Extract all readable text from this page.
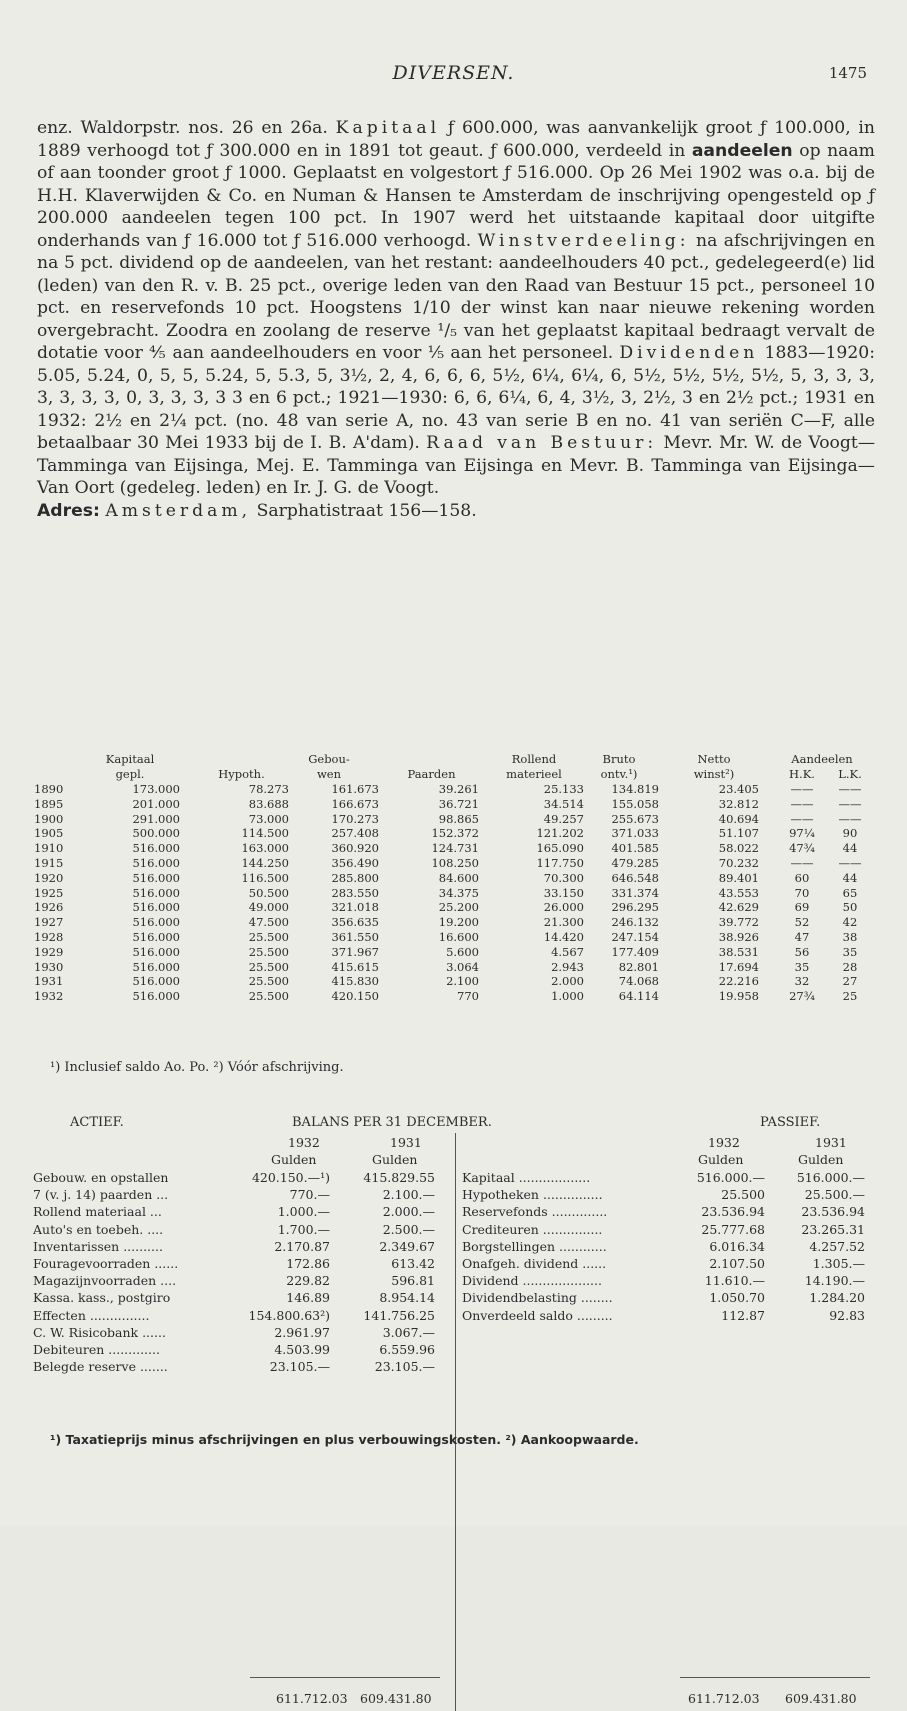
DIVERSEN.	1475

enz. Waldorpstr. nos. 26 en 26a. Kapitaal ƒ 600.000, was aanvankelijk groot ƒ 100.000, in 1889 verhoogd tot ƒ 300.000 en in 1891 tot geaut. ƒ 600.000, verdeeld in aandeelen op naam of aan toonder groot ƒ 1000. Geplaatst en volgestort ƒ 516.000. Op 26 Mei 1902 was o.a. bij de H.H. Klaverwijden & Co. en Numan & Hansen te Amsterdam de inschrijving opengesteld op ƒ 200.000 aandeelen tegen 100 pct. In 1907 werd het uitstaande kapitaal door uitgifte onderhands van ƒ 16.000 tot ƒ 516.000 verhoogd. Winstverdeeling: na afschrijvingen en na 5 pct. dividend op de aandeelen, van het restant: aandeelhouders 40 pct., gedelegeerd(e) lid (leden) van den R. v. B. 25 pct., overige leden van den Raad van Bestuur 15 pct., personeel 10 pct. en reservefonds 10 pct. Hoogstens 1/10 der winst kan naar nieuwe rekening worden overgebracht. Zoodra en zoolang de reserve ¹/₅ van het geplaatst kapitaal bedraagt vervalt de dotatie voor ⅘ aan aandeelhouders en voor ⅕ aan het personeel. Dividenden 1883—1920: 5.05, 5.24, 0, 5, 5, 5.24, 5, 5.3, 5, 3½, 2, 4, 6, 6, 6, 5½, 6¼, 6¼, 6, 5½, 5½, 5½, 5½, 5, 3, 3, 3, 3, 3, 3, 3, 0, 3, 3, 3, 3 3 en 6 pct.; 1921—1930: 6, 6, 6¼, 6, 4, 3½, 3, 2½, 3 en 2½ pct.; 1931 en 1932: 2½ en 2¼ pct. (no. 48 van serie A, no. 43 van serie B en no. 41 van seriën C—F, alle betaalbaar 30 Mei 1933 bij de I. B. A'dam). Raad van Bestuur: Mevr. Mr. W. de Voogt—Tamminga van Eijsinga, Mej. E. Tamminga van Eijsinga en Mevr. B. Tamminga van Eijsinga—Van Oort (gedeleg. leden) en Ir. J. G. de Voogt.

Adres: Amsterdam, Sarphatistraat 156—158.

Kapitaal	Gebou-	Rollend	Bruto	Netto	Aandeelen
gepl.	Hypoth.	wen	Paarden	materieel	ontv.¹)	winst²)	H.K.	L.K.
1890	173.000	78.273	161.673	39.261	25.133	134.819	23.405	——	——
1895	201.000	83.688	166.673	36.721	34.514	155.058	32.812	——	——
1900	291.000	73.000	170.273	98.865	49.257	255.673	40.694	——	——
1905	500.000	114.500	257.408	152.372	121.202	371.033	51.107	97¼	90
1910	516.000	163.000	360.920	124.731	165.090	401.585	58.022	47¾	44
1915	516.000	144.250	356.490	108.250	117.750	479.285	70.232	——	——
1920	516.000	116.500	285.800	84.600	70.300	646.548	89.401	60	44
1925	516.000	50.500	283.550	34.375	33.150	331.374	43.553	70	65
1926	516.000	49.000	321.018	25.200	26.000	296.295	42.629	69	50
1927	516.000	47.500	356.635	19.200	21.300	246.132	39.772	52	42
1928	516.000	25.500	361.550	16.600	14.420	247.154	38.926	47	38
1929	516.000	25.500	371.967	5.600	4.567	177.409	38.531	56	35
1930	516.000	25.500	415.615	3.064	2.943	82.801	17.694	35	28
1931	516.000	25.500	415.830	2.100	2.000	74.068	22.216	32	27
1932	516.000	25.500	420.150	770	1.000	64.114	19.958	27¾	25
¹) Inclusief saldo Ao. Po. ²) Vóór afschrijving.
ACTIEF.	BALANS PER 31 DECEMBER.	PASSIEF.
1932	1931
Gulden	Gulden
1932	1931
Gulden	Gulden
Gebouw. en opstallen	420.150.—¹)	415.829.55
7 (v. j. 14) paarden ...	770.—	2.100.—
Rollend materiaal ...	1.000.—	2.000.—
Auto's en toebeh. ....	1.700.—	2.500.—
Inventarissen ..........	2.170.87	2.349.67
Fouragevoorraden ......	172.86	613.42
Magazijnvoorraden ....	229.82	596.81
Kassa. kass., postgiro	146.89	8.954.14
Effecten ...............	154.800.63²)	141.756.25
C. W. Risicobank ......	2.961.97	3.067.—
Debiteuren .............	4.503.99	6.559.96
Belegde reserve .......	23.105.—	23.105.—
Kapitaal ..................	516.000.—	516.000.—
Hypotheken ...............	25.500	25.500.—
Reservefonds ..............	23.536.94	23.536.94
Crediteuren ...............	25.777.68	23.265.31
Borgstellingen ............	6.016.34	4.257.52
Onafgeh. dividend ......	2.107.50	1.305.—
Dividend ....................	11.610.—	14.190.—
Dividendbelasting ........	1.050.70	1.284.20
Onverdeeld saldo .........	112.87	92.83
611.712.03 609.431.80	611.712.03 609.431.80
¹) Taxatieprijs minus afschrijvingen en plus verbouwingskosten. ²) Aankoopwaarde.
